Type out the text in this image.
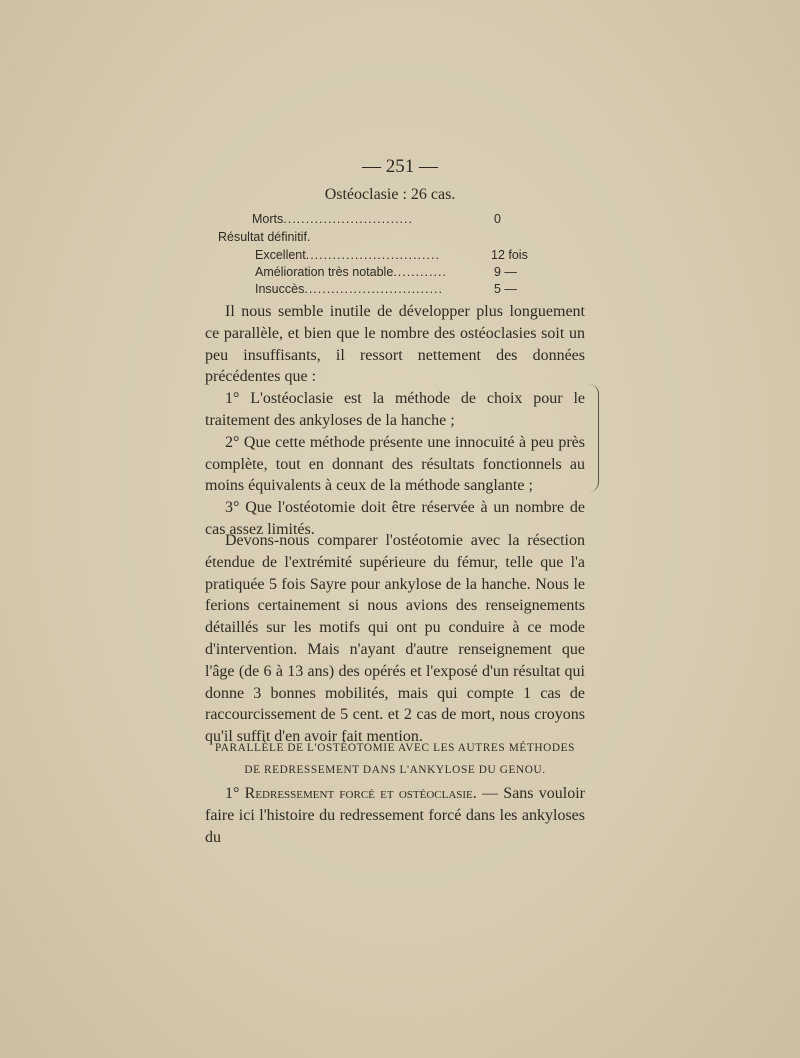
— 251 —
Ostéoclasie : 26 cas.
Morts.............................	0
Résultat définitif.
Excellent..............................	12 fois
Amélioration très notable............	9 —
Insuccès...............................	5 —

Il nous semble inutile de développer plus longuement ce parallèle, et bien que le nombre des ostéoclasies soit un peu insuffisants, il ressort nettement des données précédentes que :

1° L'ostéoclasie est la méthode de choix pour le traitement des ankyloses de la hanche ;

2° Que cette méthode présente une innocuité à peu près complète, tout en donnant des résultats fonctionnels au moins équivalents à ceux de la méthode sanglante ;

3° Que l'ostéotomie doit être réservée à un nombre de cas assez limités.

Devons-nous comparer l'ostéotomie avec la résection étendue de l'extrémité supérieure du fémur, telle que l'a pratiquée 5 fois Sayre pour ankylose de la hanche. Nous le ferions certainement si nous avions des renseignements détaillés sur les motifs qui ont pu conduire à ce mode d'intervention. Mais n'ayant d'autre renseignement que l'âge (de 6 à 13 ans) des opérés et l'exposé d'un résultat qui donne 3 bonnes mobilités, mais qui compte 1 cas de raccourcissement de 5 cent. et 2 cas de mort, nous croyons qu'il suffit d'en avoir fait mention.

PARALLÈLE DE L'OSTÉOTOMIE AVEC LES AUTRES MÉTHODES
DE REDRESSEMENT DANS L'ANKYLOSE DU GENOU.

1° Redressement forcé et ostéoclasie. — Sans vouloir faire ici l'histoire du redressement forcé dans les ankyloses du
